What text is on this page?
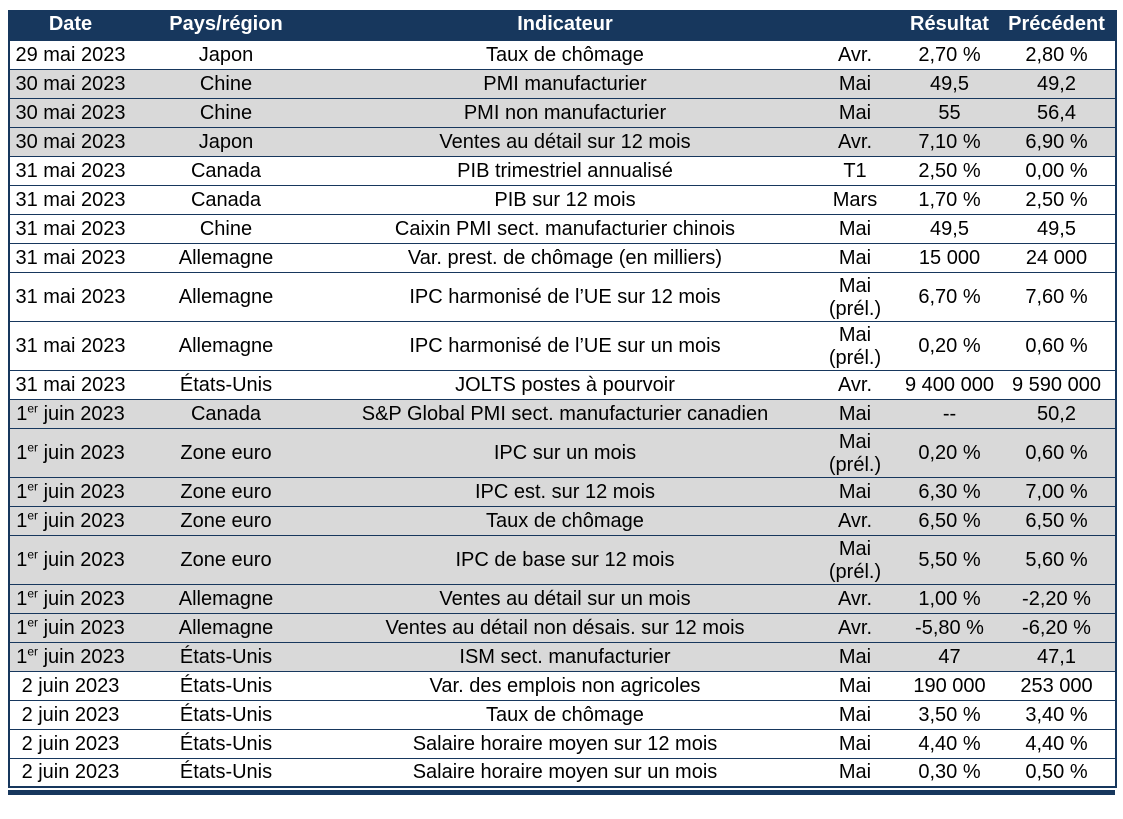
Date	Pays/région	Indicateur		Résultat	Précédent
29 mai 2023	Japon	Taux de chômage	Avr.	2,70 %	2,80 %
30 mai 2023	Chine	PMI manufacturier	Mai	49,5	49,2
30 mai 2023	Chine	PMI non manufacturier	Mai	55	56,4
30 mai 2023	Japon	Ventes au détail sur 12 mois	Avr.	7,10 %	6,90 %
31 mai 2023	Canada	PIB trimestriel annualisé	T1	2,50 %	0,00 %
31 mai 2023	Canada	PIB sur 12 mois	Mars	1,70 %	2,50 %
31 mai 2023	Chine	Caixin PMI sect. manufacturier chinois	Mai	49,5	49,5
31 mai 2023	Allemagne	Var. prest. de chômage (en milliers)	Mai	15 000	24 000
31 mai 2023	Allemagne	IPC harmonisé de l’UE sur 12 mois	Mai
(prél.)	6,70 %	7,60 %
31 mai 2023	Allemagne	IPC harmonisé de l’UE sur un mois	Mai
(prél.)	0,20 %	0,60 %
31 mai 2023	États-Unis	JOLTS postes à pourvoir	Avr.	9 400 000	9 590 000
1er juin 2023	Canada	S&P Global PMI sect. manufacturier canadien	Mai	--	50,2
1er juin 2023	Zone euro	IPC sur un mois	Mai
(prél.)	0,20 %	0,60 %
1er juin 2023	Zone euro	IPC est. sur 12 mois	Mai	6,30 %	7,00 %
1er juin 2023	Zone euro	Taux de chômage	Avr.	6,50 %	6,50 %
1er juin 2023	Zone euro	IPC de base sur 12 mois	Mai
(prél.)	5,50 %	5,60 %
1er juin 2023	Allemagne	Ventes au détail sur un mois	Avr.	1,00 %	-2,20 %
1er juin 2023	Allemagne	Ventes au détail non désais. sur 12 mois	Avr.	-5,80 %	-6,20 %
1er juin 2023	États-Unis	ISM sect. manufacturier	Mai	47	47,1
2 juin 2023	États-Unis	Var. des emplois non agricoles	Mai	190 000	253 000
2 juin 2023	États-Unis	Taux de chômage	Mai	3,50 %	3,40 %
2 juin 2023	États-Unis	Salaire horaire moyen sur 12 mois	Mai	4,40 %	4,40 %
2 juin 2023	États-Unis	Salaire horaire moyen sur un mois	Mai	0,30 %	0,50 %
